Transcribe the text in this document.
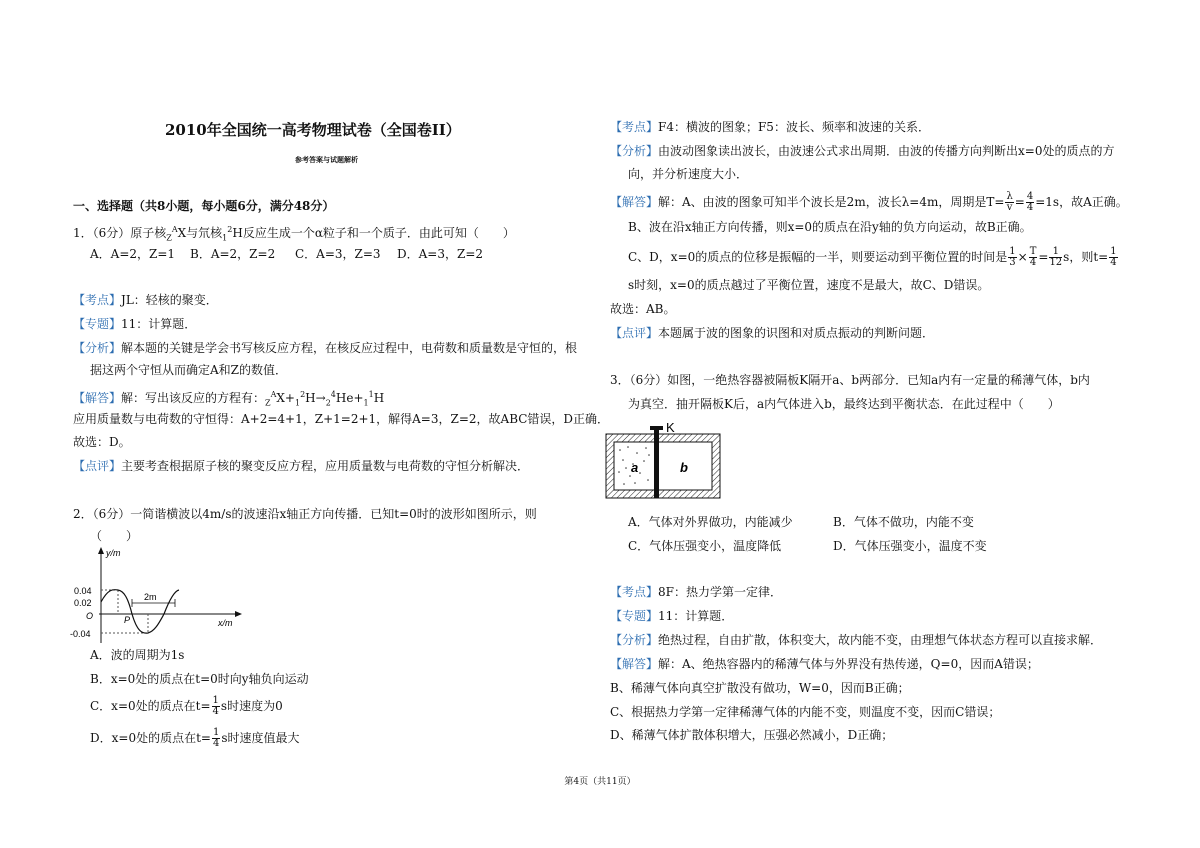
2010年全国统一高考物理试卷（全国卷II）
参考答案与试题解析
一、选择题（共8小题，每小题6分，满分48分）
1．（6分）原子核$_Z^A$X与氘核$_1^2$H反应生成一个α粒子和一个质子．由此可知（　　）
A．A=2，Z=1 B．A=2，Z=2 C．A=3，Z=3 D．A=3，Z=2
【考点】JL：轻核的聚变．
【专题】11：计算题．
【分析】解本题的关键是学会书写核反应方程，在核反应过程中，电荷数和质量数是守恒的，根
据这两个守恒从而确定A和Z的数值．
【解答】解：写出该反应的方程有：$_Z^AX+_1^2H\to_2^4He+_1^1H$
应用质量数与电荷数的守恒得：A+2=4+1，Z+1=2+1，解得A=3，Z=2，故ABC错误，D正确．
故选：D。
【点评】主要考查根据原子核的聚变反应方程，应用质量数与电荷数的守恒分析解决．
2．（6分）一简谐横波以4m/s的波速沿x轴正方向传播．已知t=0时的波形如图所示，则
（　　）
y/m
x/m
0.04
0.02
O
-0.04
2m
P
A．波的周期为1s
B．x=0处的质点在t=0时向y轴负向运动
C．x=0处的质点在$t= \frac{1}{4}$ s时速度为0
D．x=0处的质点在$t= \frac{1}{4}$ s时速度值最大
【考点】F4：横波的图象；F5：波长、频率和波速的关系．
【分析】由波动图象读出波长，由波速公式求出周期．由波的传播方向判断出x=0处的质点的方
向，并分析速度大小．
【解答】解：A、由波的图象可知半个波长是2m，波长λ=4m，周期是$T= \frac{\lambda}{v} = \frac{4}{4} =1s$，故A正确。
B、波在沿x轴正方向传播，则x=0的质点在沿y轴的负方向运动，故B正确。
C、D，x=0的质点的位移是振幅的一半，则要运动到平衡位置的时间是 $\frac{1}{3} \times \frac{T}{4} = \frac{1}{12}$ s，则$t= \frac{1}{4}$
s时刻，x=0的质点越过了平衡位置，速度不是最大，故C、D错误。
故选：AB。
【点评】本题属于波的图象的识图和对质点振动的判断问题．
3．（6分）如图，一绝热容器被隔板K隔开a、b两部分．已知a内有一定量的稀薄气体，b内
为真空．抽开隔板K后，a内气体进入b，最终达到平衡状态．在此过程中（　　）
K
a	b
A．气体对外界做功，内能减少	B．气体不做功，内能不变
C．气体压强变小，温度降低	D．气体压强变小，温度不变
【考点】8F：热力学第一定律．
【专题】11：计算题．
【分析】绝热过程，自由扩散，体积变大，故内能不变，由理想气体状态方程可以直接求解．
【解答】解：A、绝热容器内的稀薄气体与外界没有热传递，Q=0，因而A错误；
B、稀薄气体向真空扩散没有做功，W=0，因而B正确；
C、根据热力学第一定律稀薄气体的内能不变，则温度不变，因而C错误；
D、稀薄气体扩散体积增大，压强必然减小，D正确；
第4页（共11页）
